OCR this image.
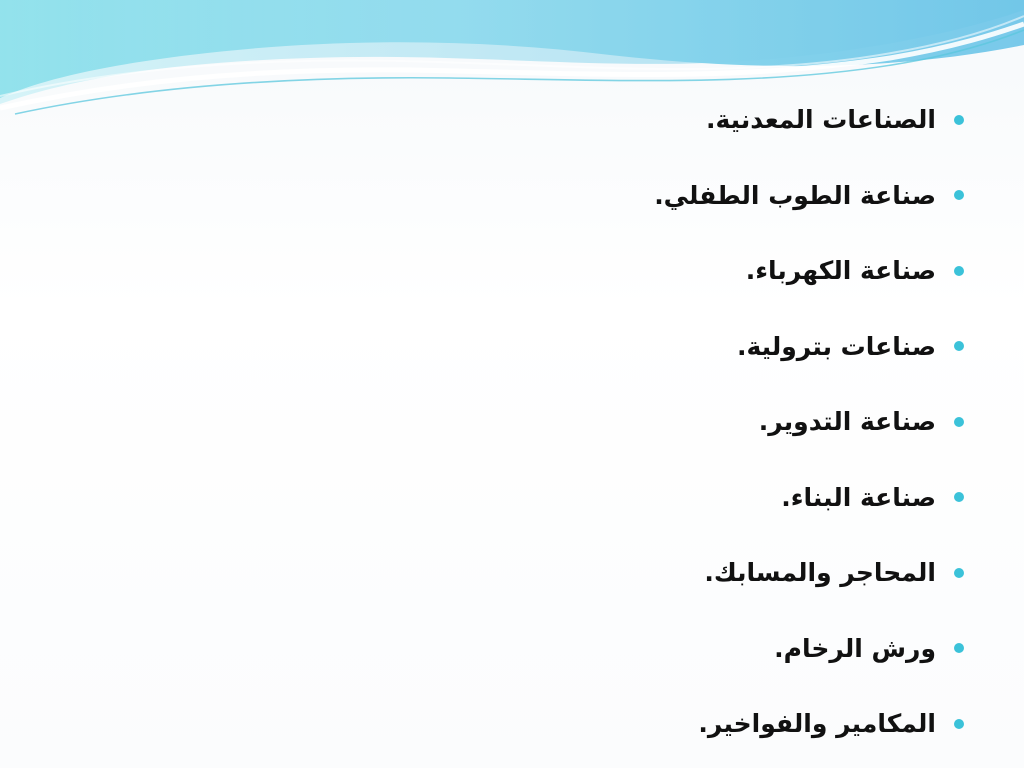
الصناعات المعدنية.
صناعة الطوب الطفلي.
صناعة الكهرباء.
صناعات بترولية.
صناعة التدوير.
صناعة البناء.
المحاجر والمسابك.
ورش الرخام.
المكامير والفواخير.
